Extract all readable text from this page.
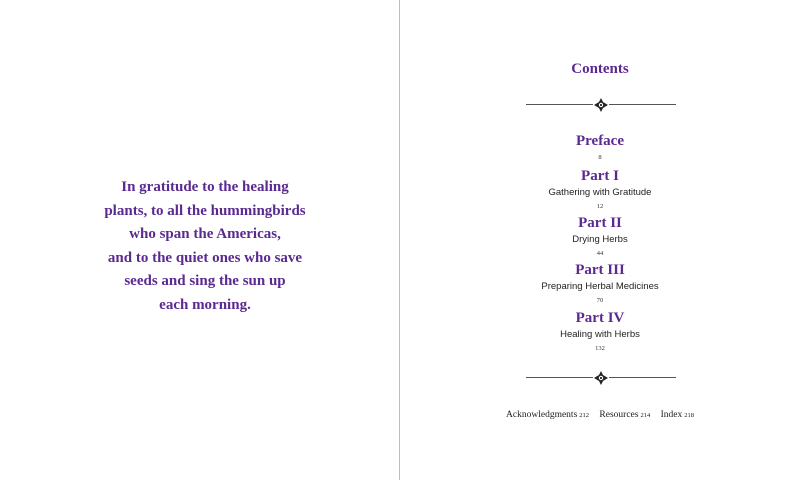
In gratitude to the healing
plants, to all the hummingbirds
who span the Americas,
and to the quiet ones who save
seeds and sing the sun up
each morning.
Contents
Preface
8
Part I
Gathering with Gratitude
12
Part II
Drying Herbs
44
Part III
Preparing Herbal Medicines
70
Part IV
Healing with Herbs
132
Acknowledgments 212 Resources 214 Index 218
